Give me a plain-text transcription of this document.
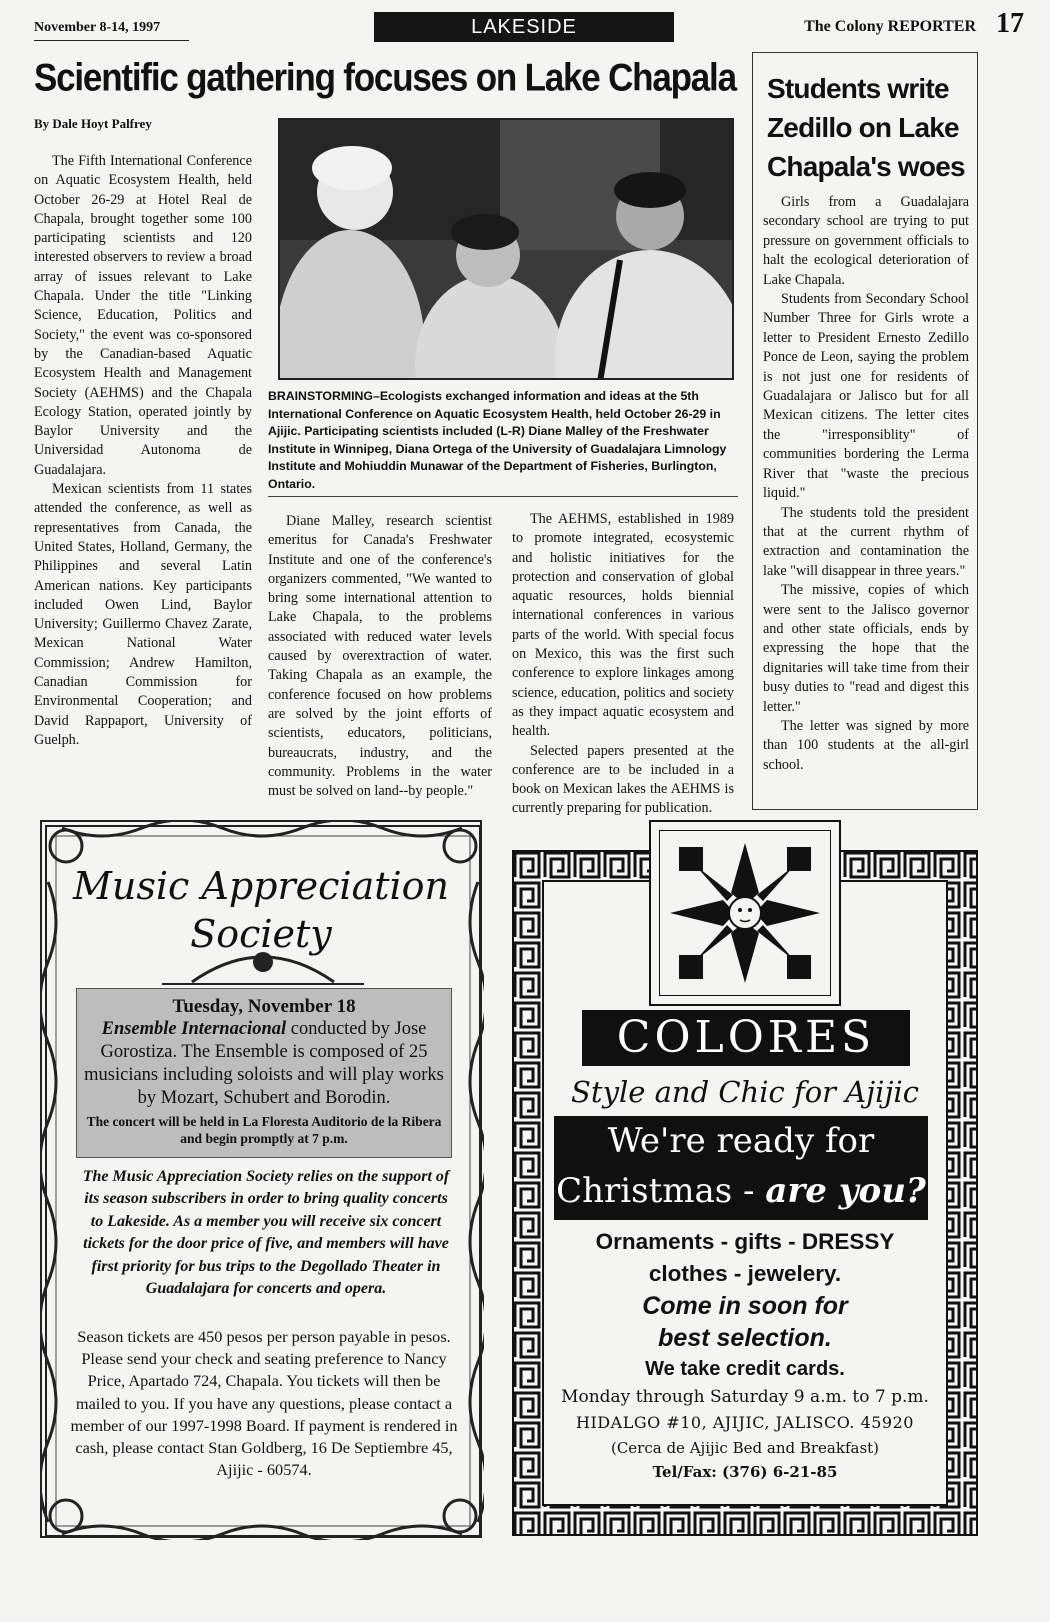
November 8-14, 1997	LAKESIDE	The Colony REPORTER 17
Scientific gathering focuses on Lake Chapala
By Dale Hoyt Palfrey

The Fifth International Conference on Aquatic Ecosystem Health, held October 26-29 at Hotel Real de Chapala, brought together some 100 participating scientists and 120 interested observers to review a broad array of issues relevant to Lake Chapala. Under the title "Linking Science, Education, Politics and Society," the event was co-sponsored by the Canadian-based Aquatic Ecosystem Health and Management Society (AEHMS) and the Chapala Ecology Station, operated jointly by Baylor University and the Universidad Autonoma de Guadalajara.

Mexican scientists from 11 states attended the conference, as well as representatives from Canada, the United States, Holland, Germany, the Philippines and several Latin American nations. Key participants included Owen Lind, Baylor University; Guillermo Chavez Zarate, Mexican National Water Commission; Andrew Hamilton, Canadian Commission for Environmental Cooperation; and David Rappaport, University of Guelph.

Diane Malley, research scientist emeritus for Canada's Freshwater Institute and one of the conference's organizers commented, "We wanted to bring some international attention to Lake Chapala, to the problems associated with reduced water levels caused by overextraction of water. Taking Chapala as an example, the conference focused on how problems are solved by the joint efforts of scientists, educators, politicians, bureaucrats, industry, and the community. Problems in the water must be solved on land--by people."

The AEHMS, established in 1989 to promote integrated, ecosystemic and holistic initiatives for the protection and conservation of global aquatic resources, holds biennial international conferences in various parts of the world. With special focus on Mexico, this was the first such conference to explore linkages among science, education, politics and society as they impact aquatic ecosystem and health.

Selected papers presented at the conference are to be included in a book on Mexican lakes the AEHMS is currently preparing for publication.

BRAINSTORMING–Ecologists exchanged information and ideas at the 5th International Conference on Aquatic Ecosystem Health, held October 26-29 in Ajijic. Participating scientists included (L-R) Diane Malley of the Freshwater Institute in Winnipeg, Diana Ortega of the University of Guadalajara Limnology Institute and Mohiuddin Munawar of the Department of Fisheries, Burlington, Ontario.
Students write Zedillo on Lake Chapala's woes

Girls from a Guadalajara secondary school are trying to put pressure on government officials to halt the ecological deterioration of Lake Chapala.

Students from Secondary School Number Three for Girls wrote a letter to President Ernesto Zedillo Ponce de Leon, saying the problem is not just one for residents of Guadalajara or Jalisco but for all Mexican citizens. The letter cites the "irresponsiblity" of communities bordering the Lerma River that "waste the precious liquid."

The students told the president that at the current rhythm of extraction and contamination the lake "will disappear in three years."

The missive, copies of which were sent to the Jalisco governor and other state officials, ends by expressing the hope that the dignitaries will take time from their busy duties to "read and digest this letter."

The letter was signed by more than 100 students at the all-girl school.

Music Appreciation
Society
Tuesday, November 18
Ensemble Internacional conducted by Jose Gorostiza. The Ensemble is composed of 25 musicians including soloists and will play works by Mozart, Schubert and Borodin.
The concert will be held in La Floresta Auditorio de la Ribera and begin promptly at 7 p.m.
The Music Appreciation Society relies on the support of its season subscribers in order to bring quality concerts to Lakeside. As a member you will receive six concert tickets for the door price of five, and members will have first priority for bus trips to the Degollado Theater in Guadalajara for concerts and opera.
Season tickets are 450 pesos per person payable in pesos. Please send your check and seating preference to Nancy Price, Apartado 724, Chapala. You tickets will then be mailed to you. If you have any questions, please contact a member of our 1997-1998 Board. If payment is rendered in cash, please contact Stan Goldberg, 16 De Septiembre 45, Ajijic - 60574.
COLORES
Style and Chic for Ajijic
We're ready for
Christmas - are you?
Ornaments - gifts - DRESSY
clothes - jewelery.
Come in soon for
best selection.
We take credit cards.
Monday through Saturday 9 a.m. to 7 p.m.
HIDALGO #10, AJIJIC, JALISCO. 45920
(Cerca de Ajijic Bed and Breakfast)
Tel/Fax: (376) 6-21-85
